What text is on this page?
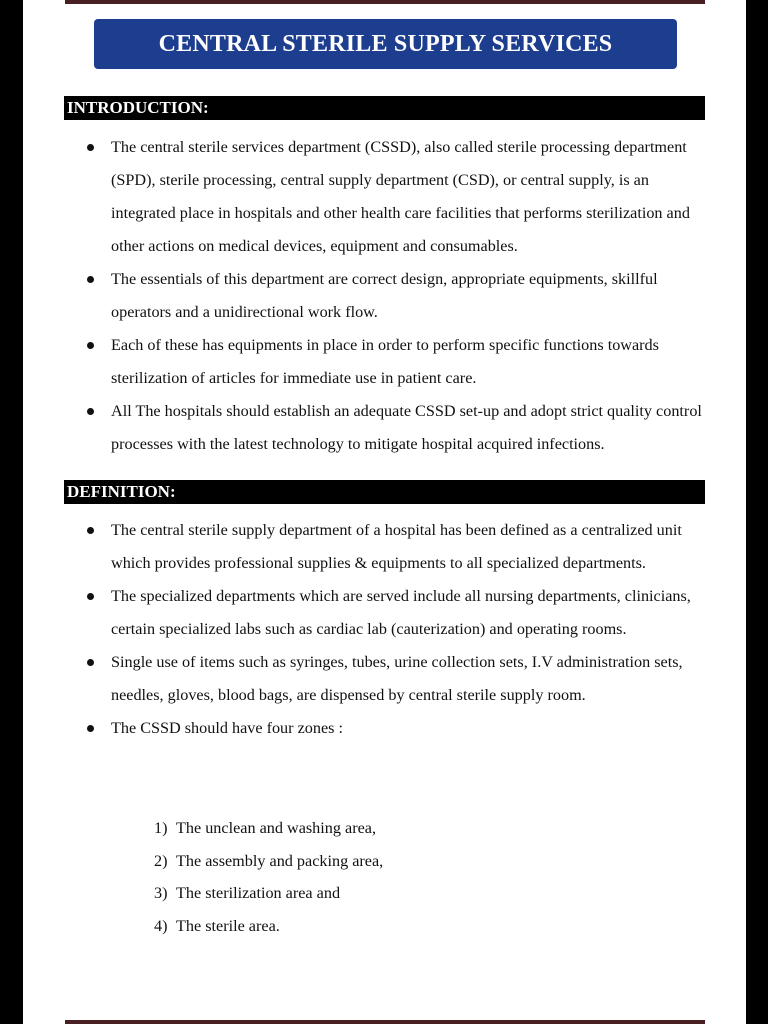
CENTRAL STERILE SUPPLY SERVICES
INTRODUCTION:
The central sterile services department (CSSD), also called sterile processing department (SPD), sterile processing, central supply department (CSD), or central supply, is an integrated place in hospitals and other health care facilities that performs sterilization and other actions on medical devices, equipment and consumables.
The essentials of this department are correct design, appropriate equipments, skillful operators and a unidirectional work flow.
Each of these has equipments in place in order to perform specific functions towards sterilization of articles for immediate use in patient care.
All The hospitals should establish an adequate CSSD set-up and adopt strict quality control processes with the latest technology to mitigate hospital acquired infections.
DEFINITION:
The central sterile supply department of a hospital has been defined as a centralized unit which provides professional supplies & equipments to all specialized departments.
The specialized departments which are served include all nursing departments, clinicians, certain specialized labs such as cardiac lab (cauterization) and operating rooms.
Single use of items such as syringes, tubes, urine collection sets, I.V administration sets, needles, gloves, blood bags, are dispensed by central sterile supply room.
The CSSD should have four zones :
1) The unclean and washing area,
2) The assembly and packing area,
3) The sterilization area and
4) The sterile area.
